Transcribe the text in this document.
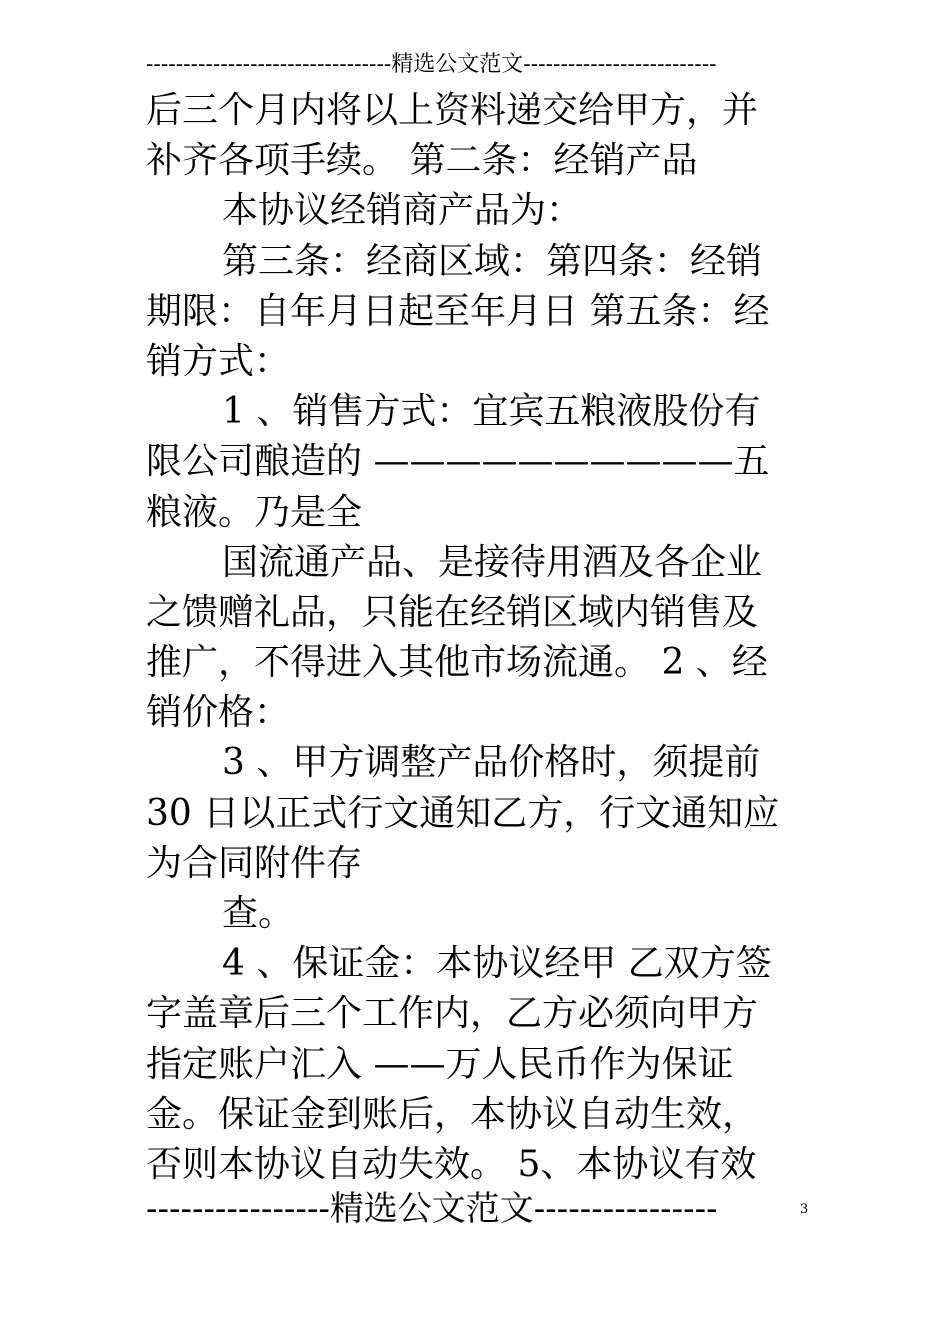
---------------------------------精选公文范文--------------------------
后三个月内将以上资料递交给甲方，并
补齐各项手续。 第二条：经销产品
本协议经销商产品为：
第三条：经商区域：第四条：经销
期限：自年月日起至年月日 第五条：经
销方式：
1 、销售方式：宜宾五粮液股份有
限公司酿造的 ——————————五
粮液。乃是全
国流通产品、是接待用酒及各企业
之馈赠礼品，只能在经销区域内销售及
推广，不得进入其他市场流通。 2 、经
销价格：
3 、甲方调整产品价格时，须提前
30 日以正式行文通知乙方，行文通知应
为合同附件存
查。
4 、保证金：本协议经甲 乙双方签
字盖章后三个工作内，乙方必须向甲方
指定账户汇入 ——万人民币作为保证
金。保证金到账后，本协议自动生效，
否则本协议自动失效。 5、本协议有效
----------------精选公文范文----------------	3
